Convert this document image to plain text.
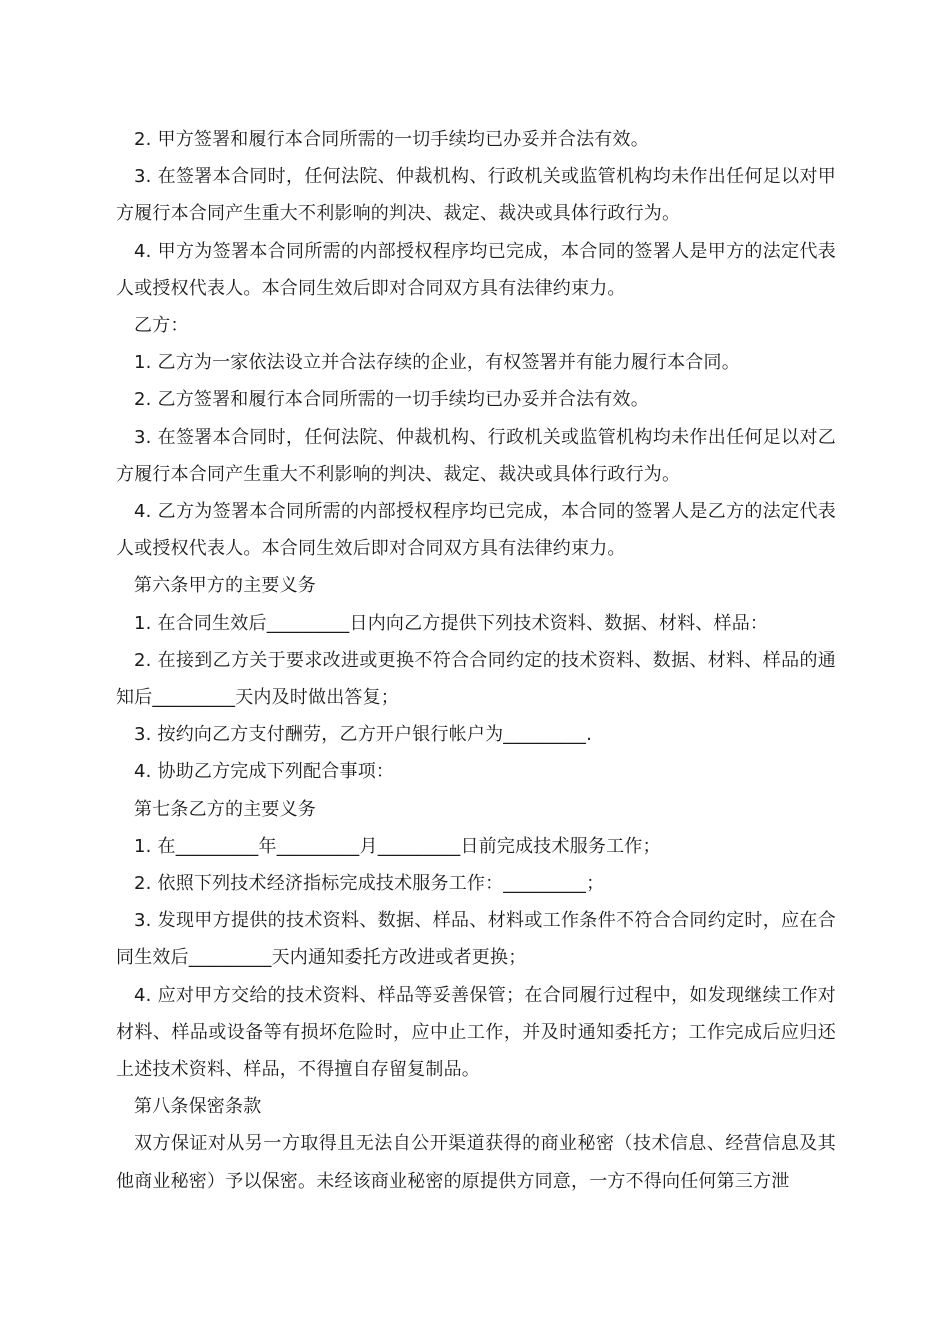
2. 甲方签署和履行本合同所需的一切手续均已办妥并合法有效。

3. 在签署本合同时，任何法院、仲裁机构、行政机关或监管机构均未作出任何足以对甲方履行本合同产生重大不利影响的判决、裁定、裁决或具体行政行为。

4. 甲方为签署本合同所需的内部授权程序均已完成，本合同的签署人是甲方的法定代表人或授权代表人。本合同生效后即对合同双方具有法律约束力。

乙方：

1. 乙方为一家依法设立并合法存续的企业，有权签署并有能力履行本合同。

2. 乙方签署和履行本合同所需的一切手续均已办妥并合法有效。

3. 在签署本合同时，任何法院、仲裁机构、行政机关或监管机构均未作出任何足以对乙方履行本合同产生重大不利影响的判决、裁定、裁决或具体行政行为。

4. 乙方为签署本合同所需的内部授权程序均已完成，本合同的签署人是乙方的法定代表人或授权代表人。本合同生效后即对合同双方具有法律约束力。

第六条甲方的主要义务

1. 在合同生效后_________日内向乙方提供下列技术资料、数据、材料、样品：

2. 在接到乙方关于要求改进或更换不符合合同约定的技术资料、数据、材料、样品的通知后_________天内及时做出答复；

3. 按约向乙方支付酬劳，乙方开户银行帐户为_________.

4. 协助乙方完成下列配合事项：

第七条乙方的主要义务

1. 在_________年_________月_________日前完成技术服务工作；

2. 依照下列技术经济指标完成技术服务工作：_________；

3. 发现甲方提供的技术资料、数据、样品、材料或工作条件不符合合同约定时，应在合同生效后_________天内通知委托方改进或者更换；

4. 应对甲方交给的技术资料、样品等妥善保管；在合同履行过程中，如发现继续工作对材料、样品或设备等有损坏危险时，应中止工作，并及时通知委托方；工作完成后应归还上述技术资料、样品，不得擅自存留复制品。

第八条保密条款

双方保证对从另一方取得且无法自公开渠道获得的商业秘密（技术信息、经营信息及其他商业秘密）予以保密。未经该商业秘密的原提供方同意，一方不得向任何第三方泄
